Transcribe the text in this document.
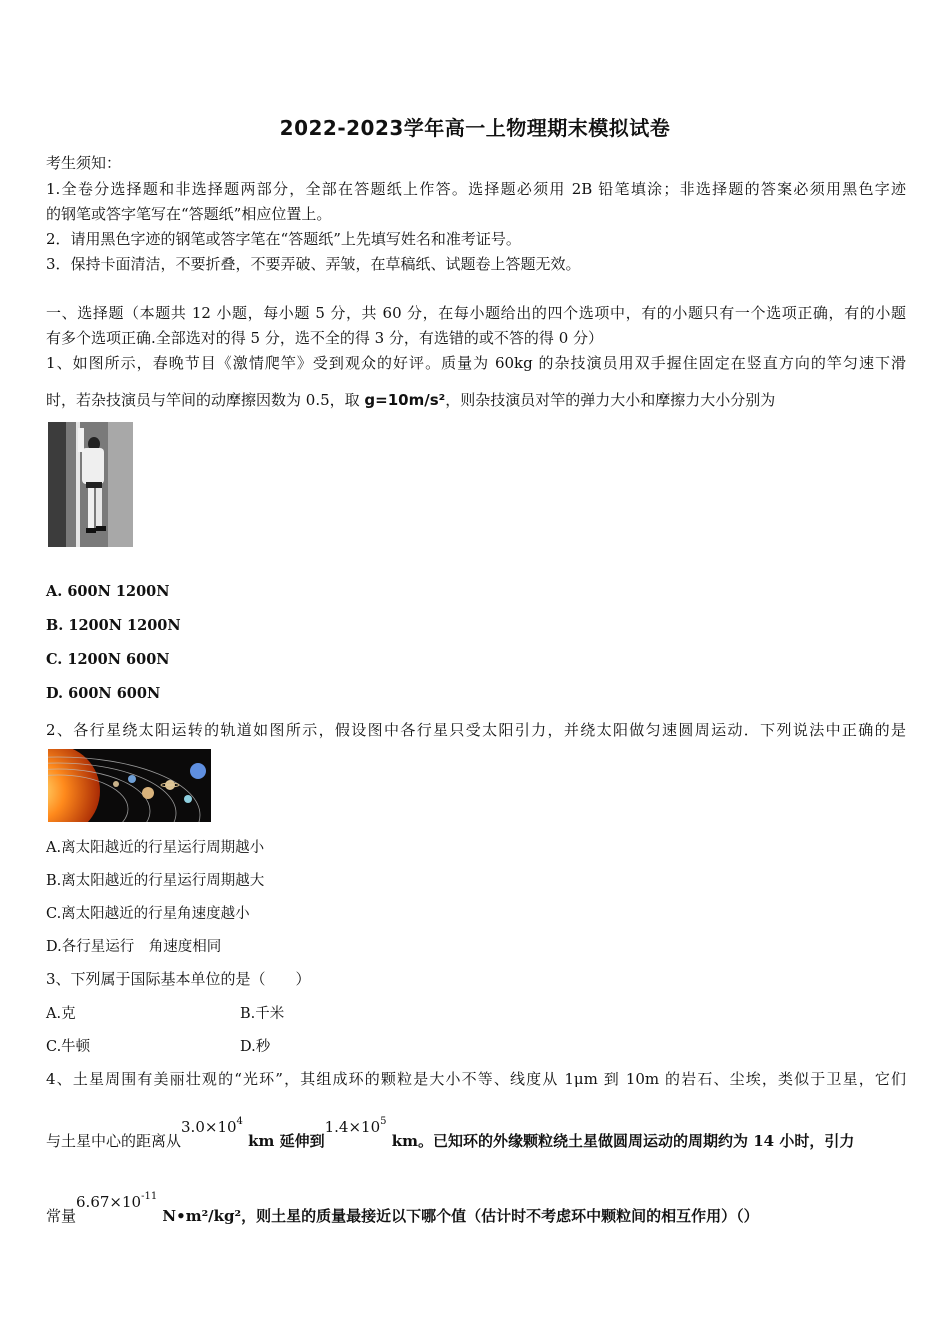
2022-2023学年高一上物理期末模拟试卷
考生须知：
1.全卷分选择题和非选择题两部分，全部在答题纸上作答。选择题必须用 2B 铅笔填涂；非选择题的答案必须用黑色字迹
的钢笔或答字笔写在“答题纸”相应位置上。
2．请用黑色字迹的钢笔或答字笔在“答题纸”上先填写姓名和准考证号。
3．保持卡面清洁，不要折叠，不要弄破、弄皱，在草稿纸、试题卷上答题无效。
一、选择题（本题共 12 小题，每小题 5 分，共 60 分，在每小题给出的四个选项中，有的小题只有一个选项正确，有的小题
有多个选项正确.全部选对的得 5 分，选不全的得 3 分，有选错的或不答的得 0 分）
1、如图所示，春晚节目《激情爬竿》受到观众的好评。质量为 60kg 的杂技演员用双手握住固定在竖直方向的竿匀速下滑
时，若杂技演员与竿间的动摩擦因数为 0.5，取 g=10m/s²，则杂技演员对竿的弹力大小和摩擦力大小分别为
A. 600N 1200N
B. 1200N 1200N
C. 1200N 600N
D. 600N 600N
2、各行星绕太阳运转的轨道如图所示，假设图中各行星只受太阳引力，并绕太阳做匀速圆周运动．下列说法中正确的是
A.离太阳越近的行星运行周期越小
B.离太阳越近的行星运行周期越大
C.离太阳越近的行星角速度越小
D.各行星运行　角速度相同
3、下列属于国际基本单位的是（　　）
A.克	B.千米
C.牛顿	D.秒
4、土星周围有美丽壮观的“光环”，其组成环的颗粒是大小不等、线度从 1μm 到 10m 的岩石、尘埃，类似于卫星，它们
与土星中心的距离从$3.0\times 10^4$ km 延伸到$1.4\times 10^5$ km。已知环的外缘颗粒绕土星做圆周运动的周期约为 14 小时，引力
常量$6.67\times 10^{-11}$ N•m²/kg²，则土星的质量最接近以下哪个值（估计时不考虑环中颗粒间的相互作用）（）
